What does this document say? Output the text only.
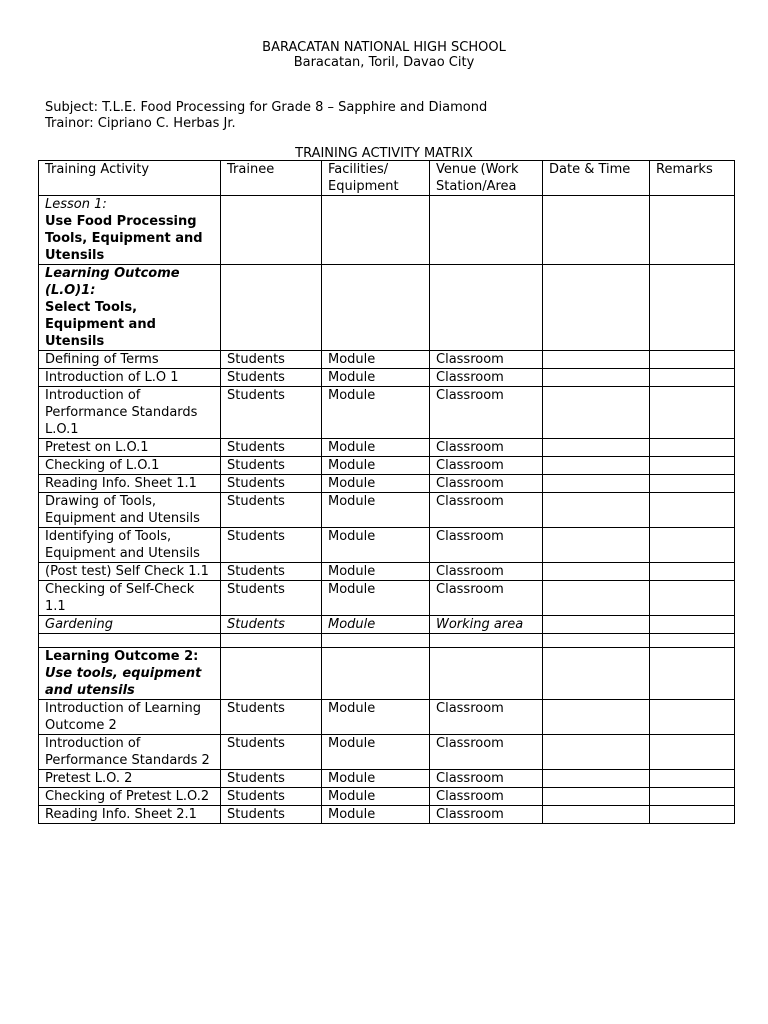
BARACATAN NATIONAL HIGH SCHOOL
Baracatan, Toril, Davao City
Subject: T.L.E. Food Processing for Grade 8 – Sapphire and Diamond
Trainor: Cipriano C. Herbas Jr.
TRAINING ACTIVITY MATRIX
Training Activity	Trainee	Facilities/ Equipment	Venue (Work Station/Area	Date & Time	Remarks
Lesson 1:
Use Food Processing Tools, Equipment and Utensils					
Learning Outcome (L.O)1:
Select Tools, Equipment and Utensils					
Defining of Terms	Students	Module	Classroom		
Introduction of L.O 1	Students	Module	Classroom		
Introduction of Performance Standards L.O.1	Students	Module	Classroom		
Pretest on L.O.1	Students	Module	Classroom		
Checking of L.O.1	Students	Module	Classroom		
Reading Info. Sheet 1.1	Students	Module	Classroom		
Drawing of Tools, Equipment and Utensils	Students	Module	Classroom		
Identifying of Tools, Equipment and Utensils	Students	Module	Classroom		
(Post test) Self Check 1.1	Students	Module	Classroom		
Checking of Self-Check 1.1	Students	Module	Classroom		
Gardening	Students	Module	Working area		

Learning Outcome 2: Use tools, equipment and utensils					
Introduction of Learning Outcome 2	Students	Module	Classroom		
Introduction of Performance Standards 2	Students	Module	Classroom		
Pretest L.O. 2	Students	Module	Classroom		
Checking of Pretest L.O.2	Students	Module	Classroom		
Reading Info. Sheet 2.1	Students	Module	Classroom		
